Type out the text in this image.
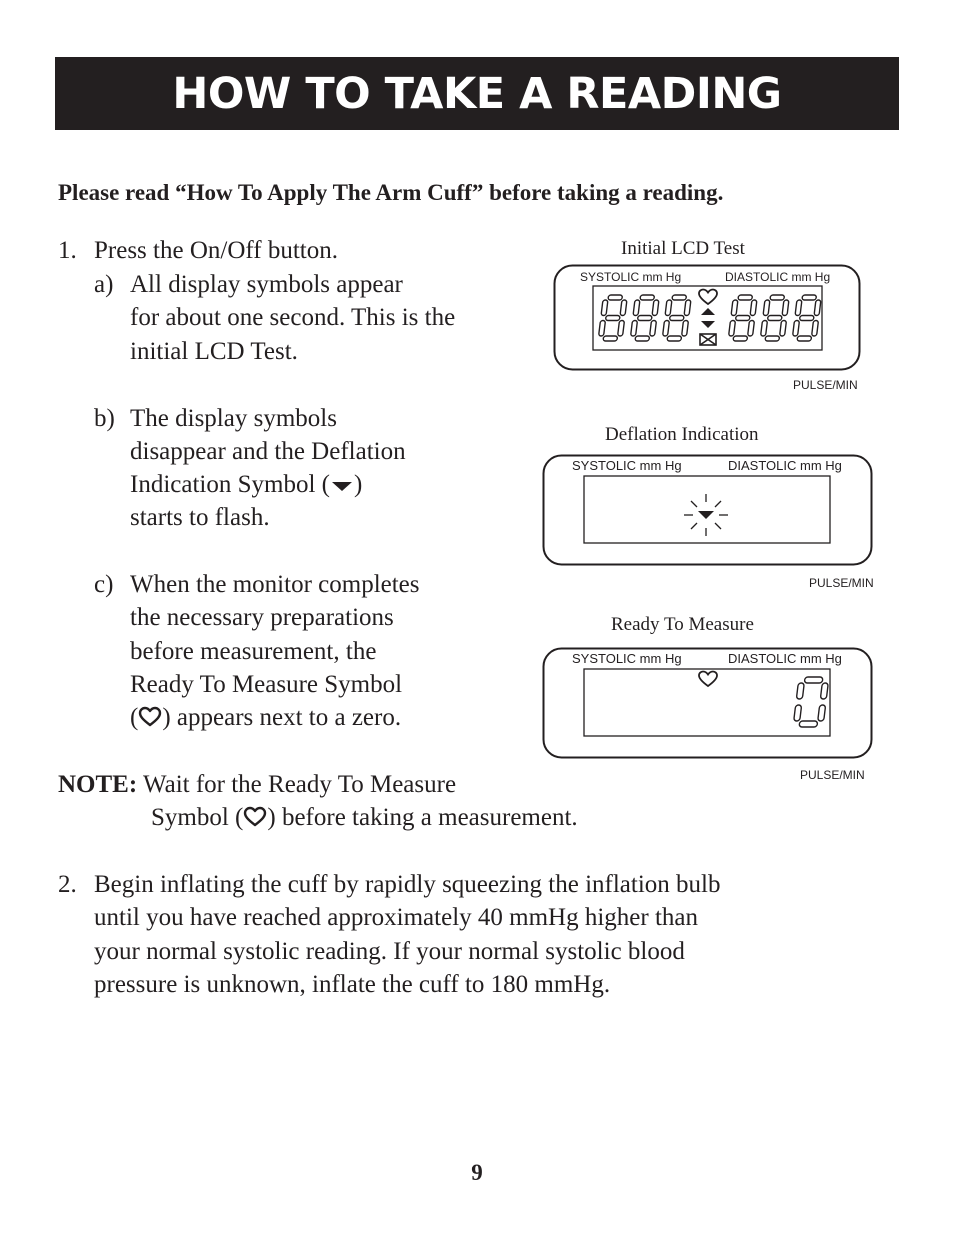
HOW TO TAKE A READING
Please read “How To Apply The Arm Cuff” before taking a reading.
1. Press the On/Off button.
a) All display symbols appear
for about one second. This is the
initial LCD Test.
b) The display symbols
disappear and the Deflation
Indication Symbol ( )
starts to flash.
c) When the monitor completes
the necessary preparations
before measurement, the
Ready To Measure Symbol
( ) appears next to a zero.
NOTE: Wait for the Ready To Measure
Symbol ( ) before taking a measurement.
2. Begin inflating the cuff by rapidly squeezing the inflation bulb
until you have reached approximately 40 mmHg higher than
your normal systolic reading. If your normal systolic blood
pressure is unknown, inflate the cuff to 180 mmHg.
Initial LCD Test
SYSTOLIC mm Hg	DIASTOLIC mm Hg
PULSE/MIN
Deflation Indication
SYSTOLIC mm Hg	DIASTOLIC mm Hg
PULSE/MIN
Ready To Measure
SYSTOLIC mm Hg	DIASTOLIC mm Hg
PULSE/MIN
9
